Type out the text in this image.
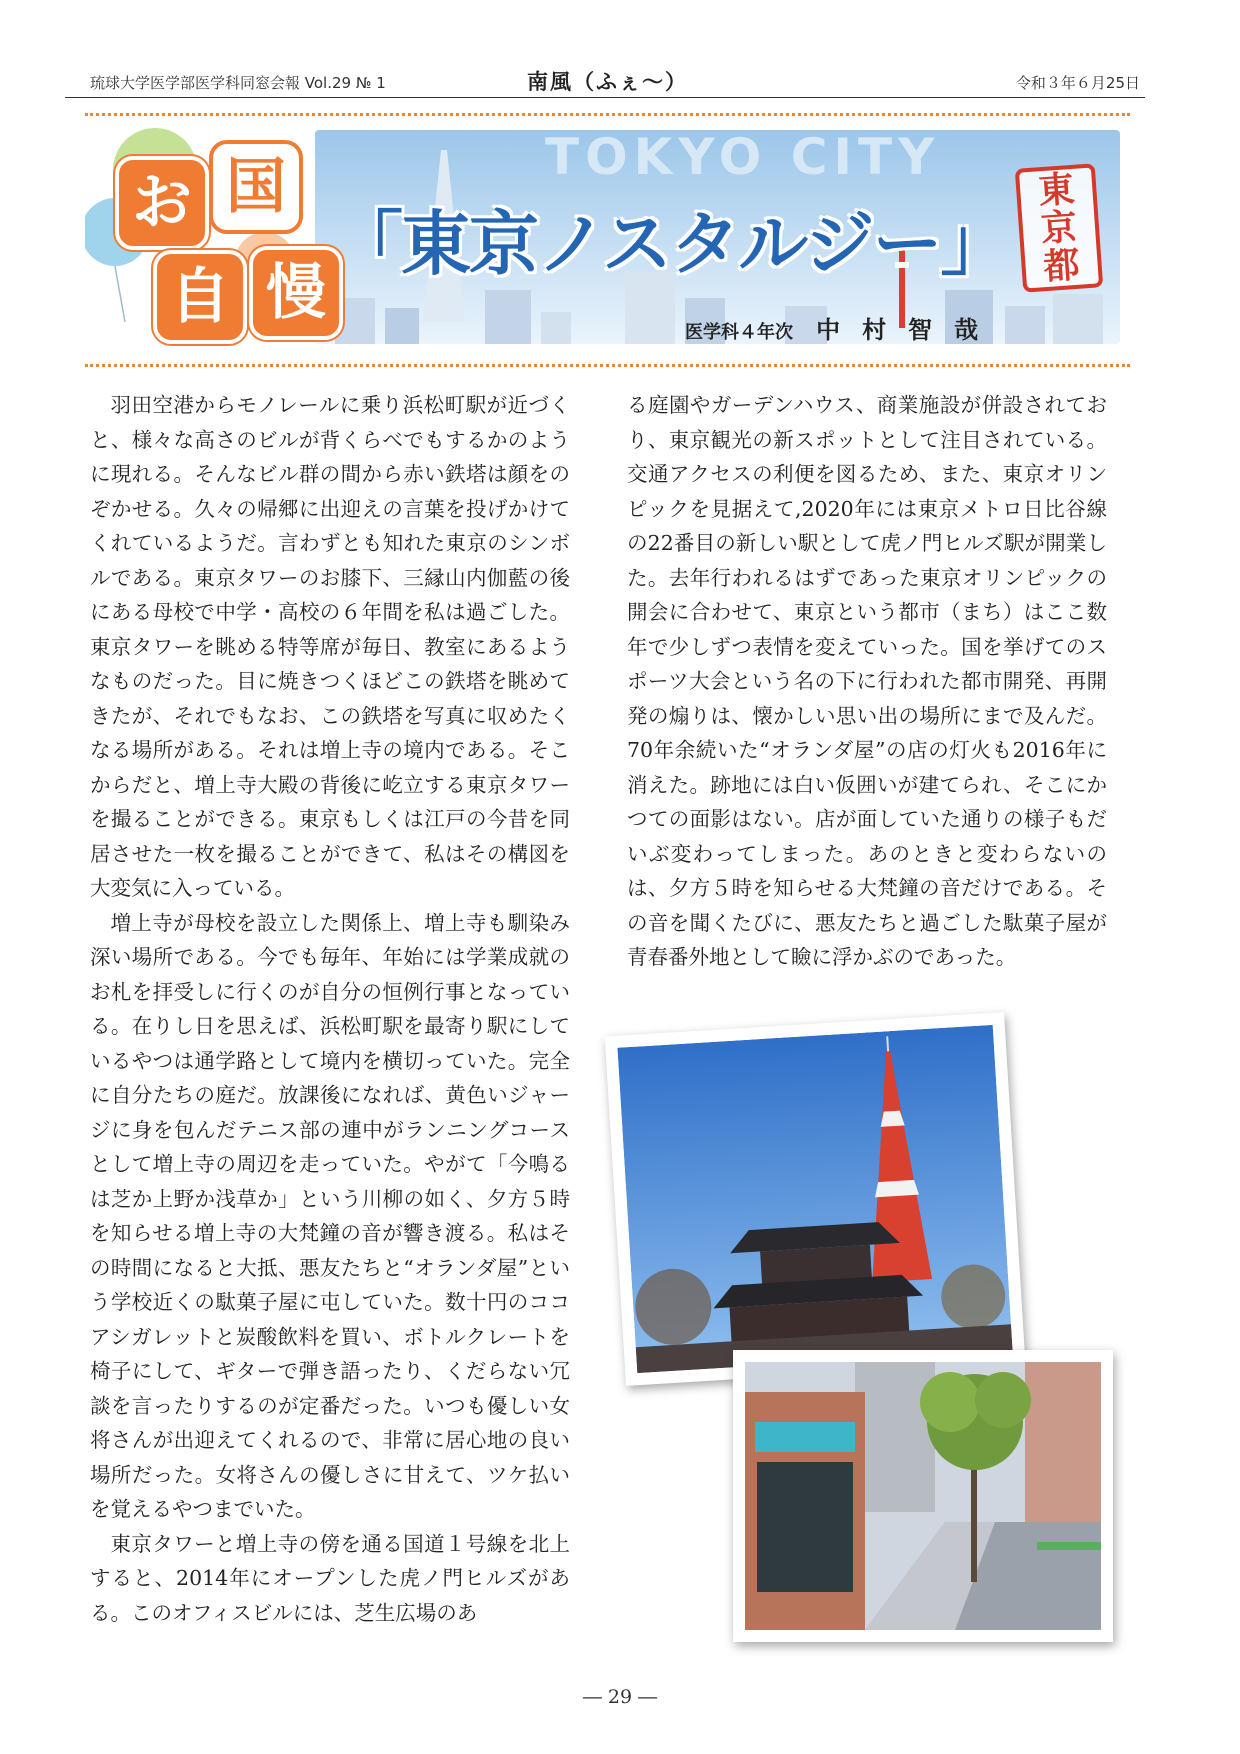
琉球大学医学部医学科同窓会報 Vol.29 № 1	南風（ふぇ〜）	令和３年６月25日
TOKYO CITY
お 国
自 慢
「東京ノスタルジー」
東
京
都
医学科４年次 中村智哉

羽田空港からモノレールに乗り浜松町駅が近づくと、様々な高さのビルが背くらべでもするかのように現れる。そんなビル群の間から赤い鉄塔は顔をのぞかせる。久々の帰郷に出迎えの言葉を投げかけてくれているようだ。言わずとも知れた東京のシンボルである。東京タワーのお膝下、三縁山内伽藍の後にある母校で中学・高校の６年間を私は過ごした。東京タワーを眺める特等席が毎日、教室にあるようなものだった。目に焼きつくほどこの鉄塔を眺めてきたが、それでもなお、この鉄塔を写真に収めたくなる場所がある。それは増上寺の境内である。そこからだと、増上寺大殿の背後に屹立する東京タワーを撮ることができる。東京もしくは江戸の今昔を同居させた一枚を撮ることができて、私はその構図を大変気に入っている。

増上寺が母校を設立した関係上、増上寺も馴染み深い場所である。今でも毎年、年始には学業成就のお札を拝受しに行くのが自分の恒例行事となっている。在りし日を思えば、浜松町駅を最寄り駅にしているやつは通学路として境内を横切っていた。完全に自分たちの庭だ。放課後になれば、黄色いジャージに身を包んだテニス部の連中がランニングコースとして増上寺の周辺を走っていた。やがて「今鳴るは芝か上野か浅草か」という川柳の如く、夕方５時を知らせる増上寺の大梵鐘の音が響き渡る。私はその時間になると大抵、悪友たちと“オランダ屋”という学校近くの駄菓子屋に屯していた。数十円のココアシガレットと炭酸飲料を買い、ボトルクレートを椅子にして、ギターで弾き語ったり、くだらない冗談を言ったりするのが定番だった。いつも優しい女将さんが出迎えてくれるので、非常に居心地の良い場所だった。女将さんの優しさに甘えて、ツケ払いを覚えるやつまでいた。

東京タワーと増上寺の傍を通る国道１号線を北上すると、2014年にオープンした虎ノ門ヒルズがある。このオフィスビルには、芝生広場のあ

る庭園やガーデンハウス、商業施設が併設されており、東京観光の新スポットとして注目されている。交通アクセスの利便を図るため、また、東京オリンピックを見据えて,2020年には東京メトロ日比谷線の22番目の新しい駅として虎ノ門ヒルズ駅が開業した。去年行われるはずであった東京オリンピックの開会に合わせて、東京という都市（まち）はここ数年で少しずつ表情を変えていった。国を挙げてのスポーツ大会という名の下に行われた都市開発、再開発の煽りは、懐かしい思い出の場所にまで及んだ。70年余続いた“オランダ屋”の店の灯火も2016年に消えた。跡地には白い仮囲いが建てられ、そこにかつての面影はない。店が面していた通りの様子もだいぶ変わってしまった。あのときと変わらないのは、夕方５時を知らせる大梵鐘の音だけである。その音を聞くたびに、悪友たちと過ごした駄菓子屋が青春番外地として瞼に浮かぶのであった。

― 29 ―
